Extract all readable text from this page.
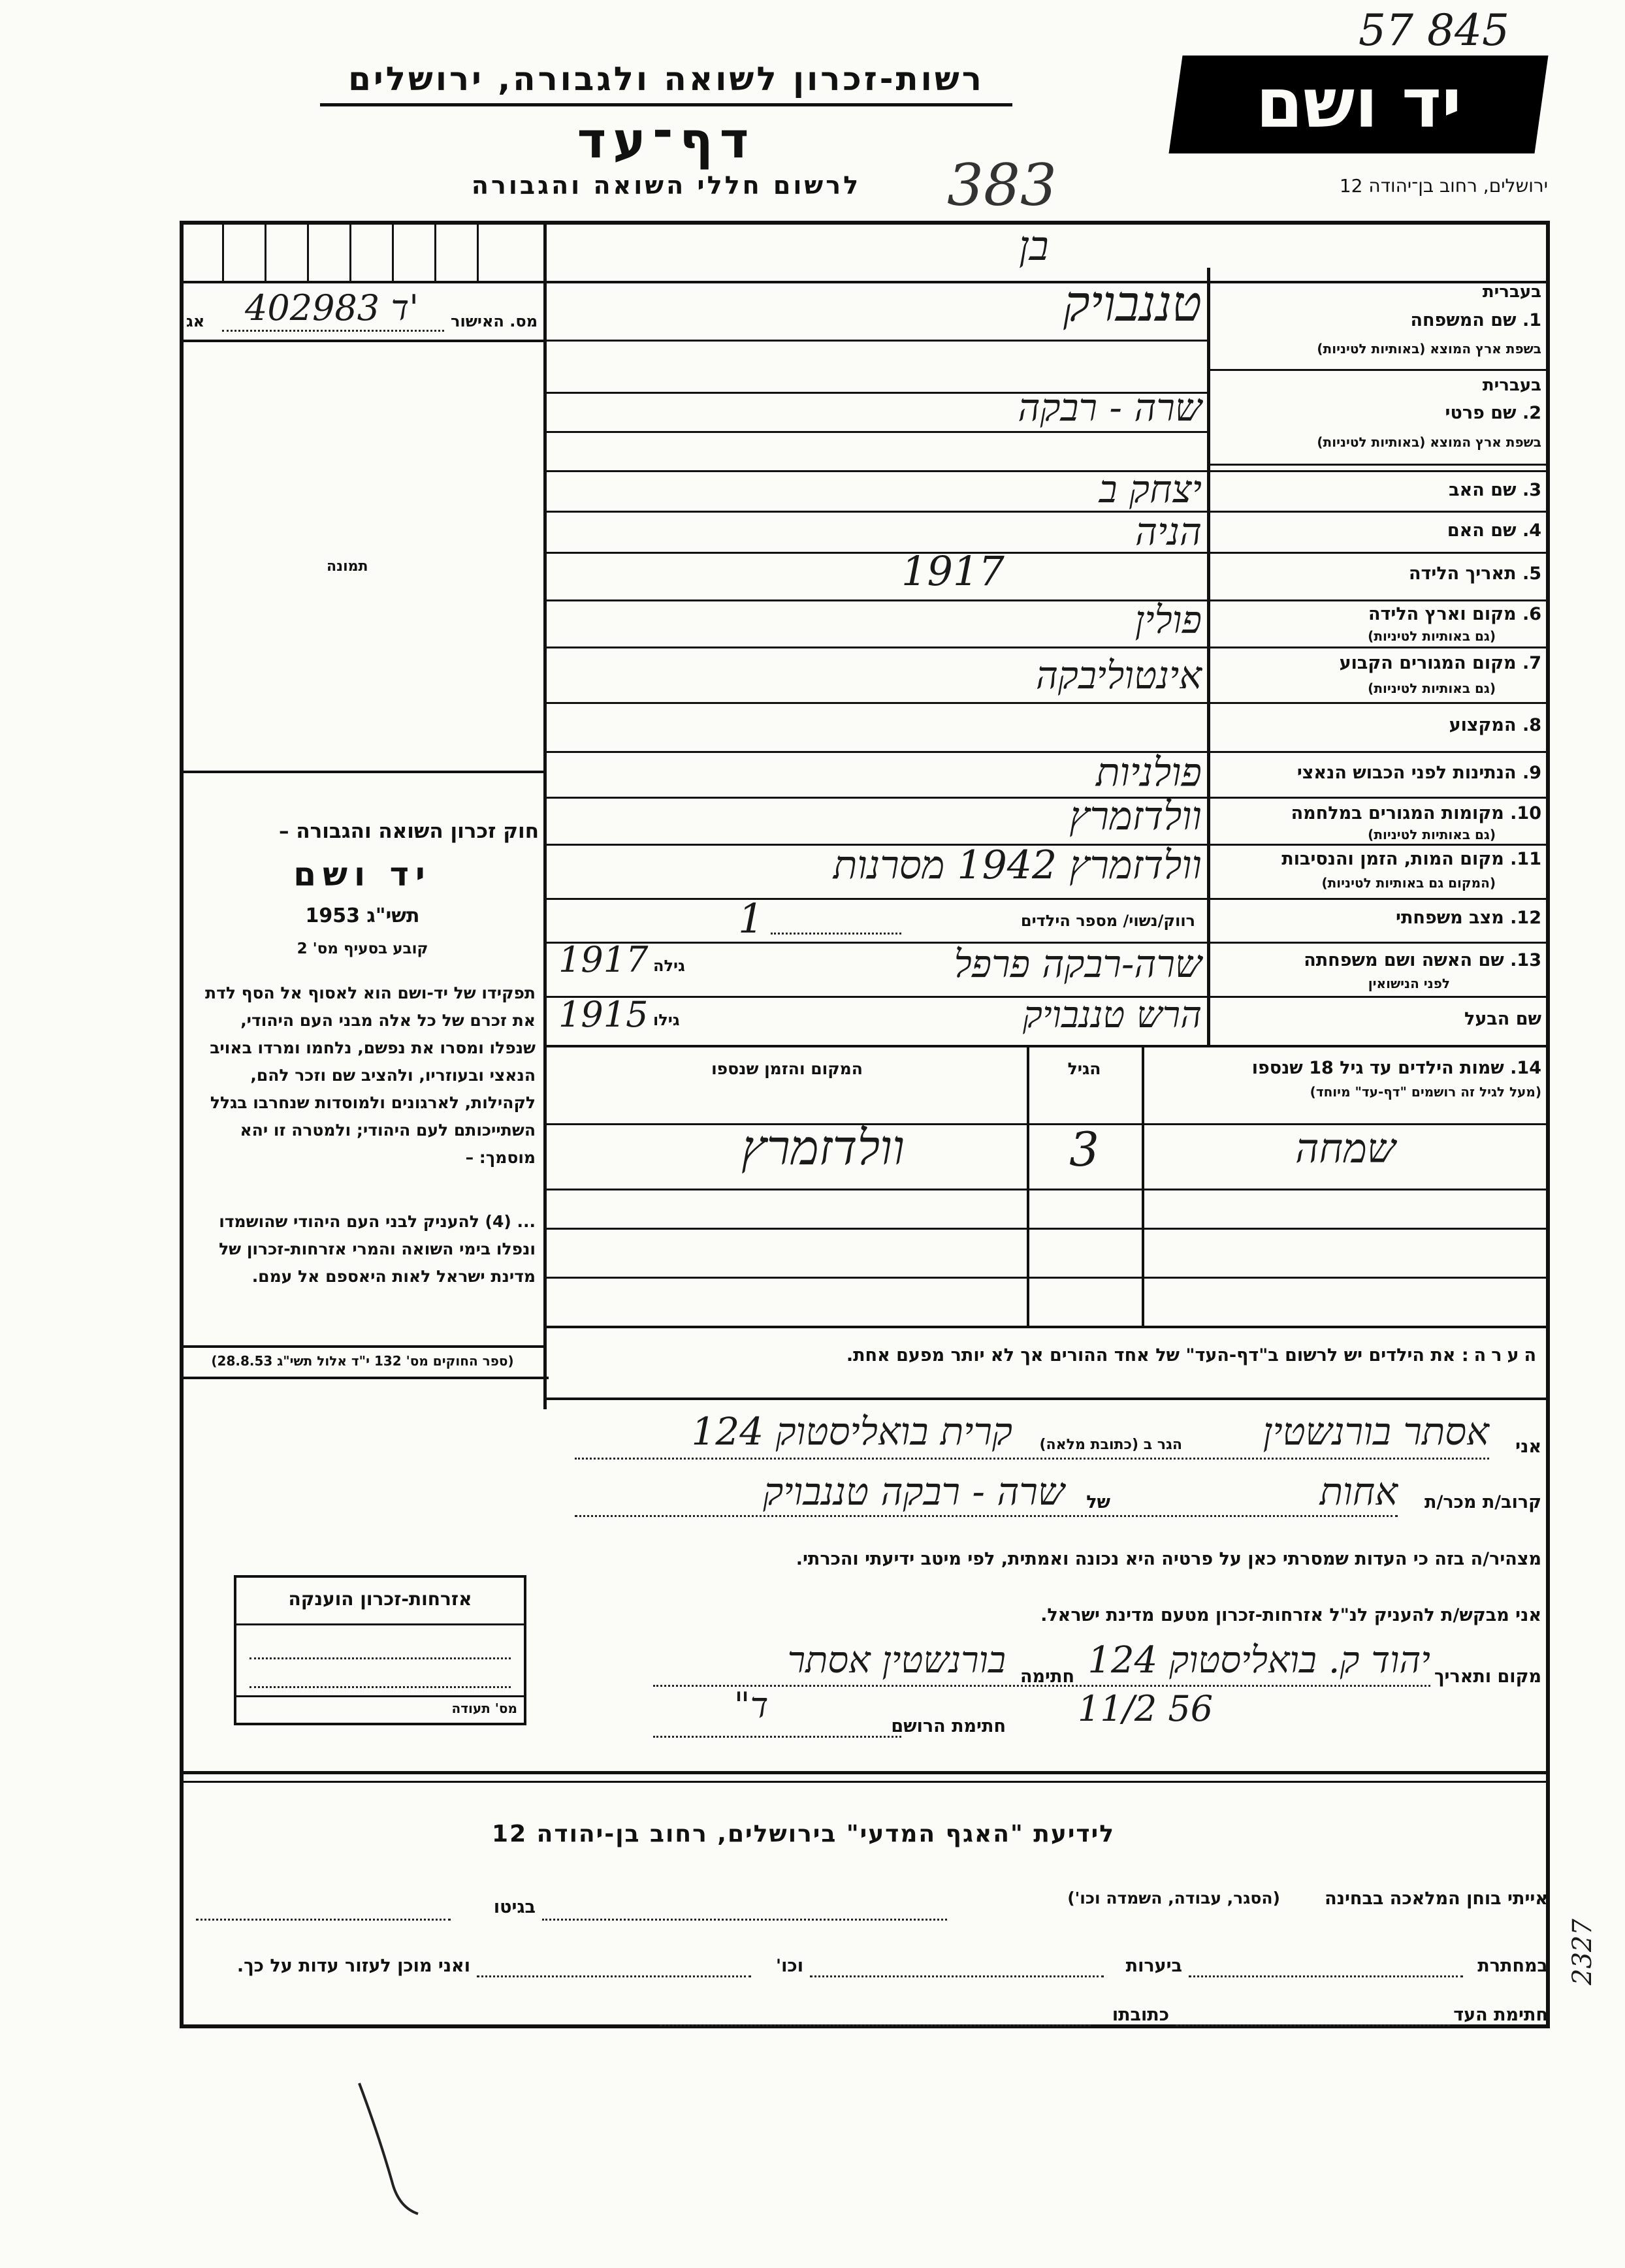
57 845
יד ושם
רשות-זכרון לשואה ולגבורה, ירושלים
דף־עד
לרשום חללי השואה והגבורה	ירושלים, רחוב בן־יהודה 12
383
בן
אג 402983 ד' מס. האישור
תמונה
חוק זכרון השואה והגבורה –
יד ושם
תשי"ג 1953
קובע בסעיף מס' 2
תפקידו של יד-ושם הוא לאסוף אל הסף לדת את זכרם של כל אלה מבני העם היהודי, שנפלו ומסרו את נפשם, נלחמו ומרדו באויב הנאצי ובעוזריו, ולהציב שם וזכר להם, לקהילות, לארגונים ולמוסדות שנחרבו בגלל השתייכותם לעם היהודי; ולמטרה זו יהא מוסמך: –
... (4) להעניק לבני העם היהודי שהושמדו ונפלו בימי השואה והמרי אזרחות-זכרון של מדינת ישראל לאות היאספם אל עמם.
(ספר החוקים מס' 132 י"ד אלול תשי"ג 28.8.53)
בעברית
1. שם המשפחה
בשפת ארץ המוצא (באותיות לטיניות)
טננבויק
בעברית
2. שם פרטי
בשפת ארץ המוצא (באותיות לטיניות)
שרה - רבקה
3. שם האב
יצחק ב
4. שם האם
הניה
5. תאריך הלידה
1917
6. מקום וארץ הלידה
(גם באותיות לטיניות)
פולין
7. מקום המגורים הקבוע
(גם באותיות לטיניות)
אינטוליבקה
8. המקצוע
9. הנתינות לפני הכבוש הנאצי
פולניות
10. מקומות המגורים במלחמה
(גם באותיות לטיניות)
וולדזמרץ
11. מקום המות, הזמן והנסיבות
(המקום גם באותיות לטיניות)
וולדזמרץ 1942 מסרנות
12. מצב משפחתי
רווק/נשוי/ מספר הילדים
1
13. שם האשה ושם משפחתה
לפני הנישואין
שרה-רבקה פרפל
גילה
1917
שם הבעל
הרש טננבויק
גילו
1915
14. שמות הילדים עד גיל 18 שנספו
(מעל לגיל זה רושמים "דף-עד" מיוחד)
הגיל
המקום והזמן שנספו
שמחה
3
וולדזמרץ
הערה: את הילדים יש לרשום ב"דף-העד" של אחד ההורים אך לא יותר מפעם אחת.
אני
אסתר בורנשטין
הגר ב (כתובת מלאה)
קרית בואליסטוק 124
קרוב/ת מכר/ת
אחות
של
שרה - רבקה טננבויק
מצהיר/ה בזה כי העדות שמסרתי כאן על פרטיה היא נכונה ואמתית, לפי מיטב ידיעתי והכרתי.
אני מבקש/ת להעניק לנ"ל אזרחות-זכרון מטעם מדינת ישראל.
מקום ותאריך
יהוד ק. בואליסטוק 124
חתימה
בורנשטין אסתר
11/2 56
חתימת הרושם
ד"
אזרחות-זכרון הוענקה
מס' תעודה
לידיעת "האגף המדעי" בירושלים, רחוב בן-יהודה 12
אייתי בוחן המלאכה בבחינה
(הסגר, עבודה, השמדה וכו')
בגיטו
במחתרת
ביערות
וכו'
ואני מוכן לעזור עדות על כך.
חתימת העד
כתובתו
2327
